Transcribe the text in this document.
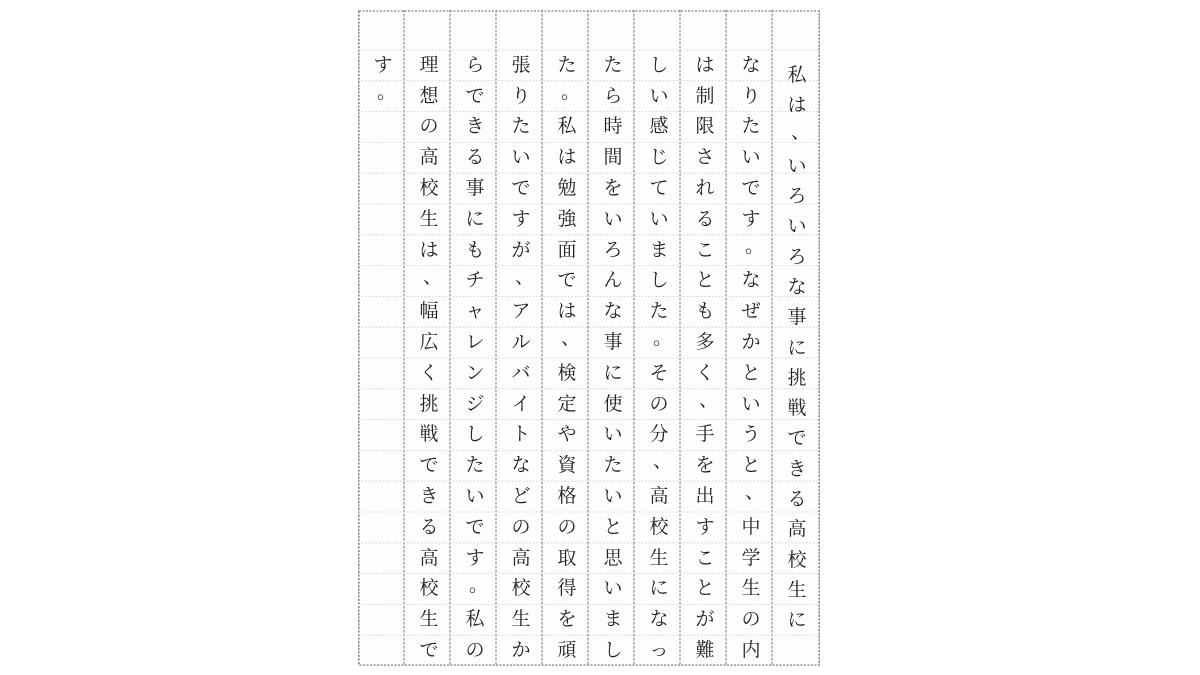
私
は
、
い
ろ
い
ろ
な
事
に
挑
戦
で
き
る
高
校
生
に
な
り
た
い
で
す
。
な
ぜ
か
と
い
う
と
、
中
学
生
の
内
は
制
限
さ
れ
る
こ
と
も
多
く
、
手
を
出
す
こ
と
が
難
し
い
感
じ
て
い
ま
し
た
。
そ
の
分
、
高
校
生
に
な
っ
た
ら
時
間
を
い
ろ
ん
な
事
に
使
い
た
い
と
思
い
ま
し
た
。
私
は
勉
強
面
で
は
、
検
定
や
資
格
の
取
得
を
頑
張
り
た
い
で
す
が
、
ア
ル
バ
イ
ト
な
ど
の
高
校
生
か
ら
で
き
る
事
に
も
チ
ャ
レ
ン
ジ
し
た
い
で
す
。
私
の
理
想
の
高
校
生
は
、
幅
広
く
挑
戦
で
き
る
高
校
生
で
す
。
